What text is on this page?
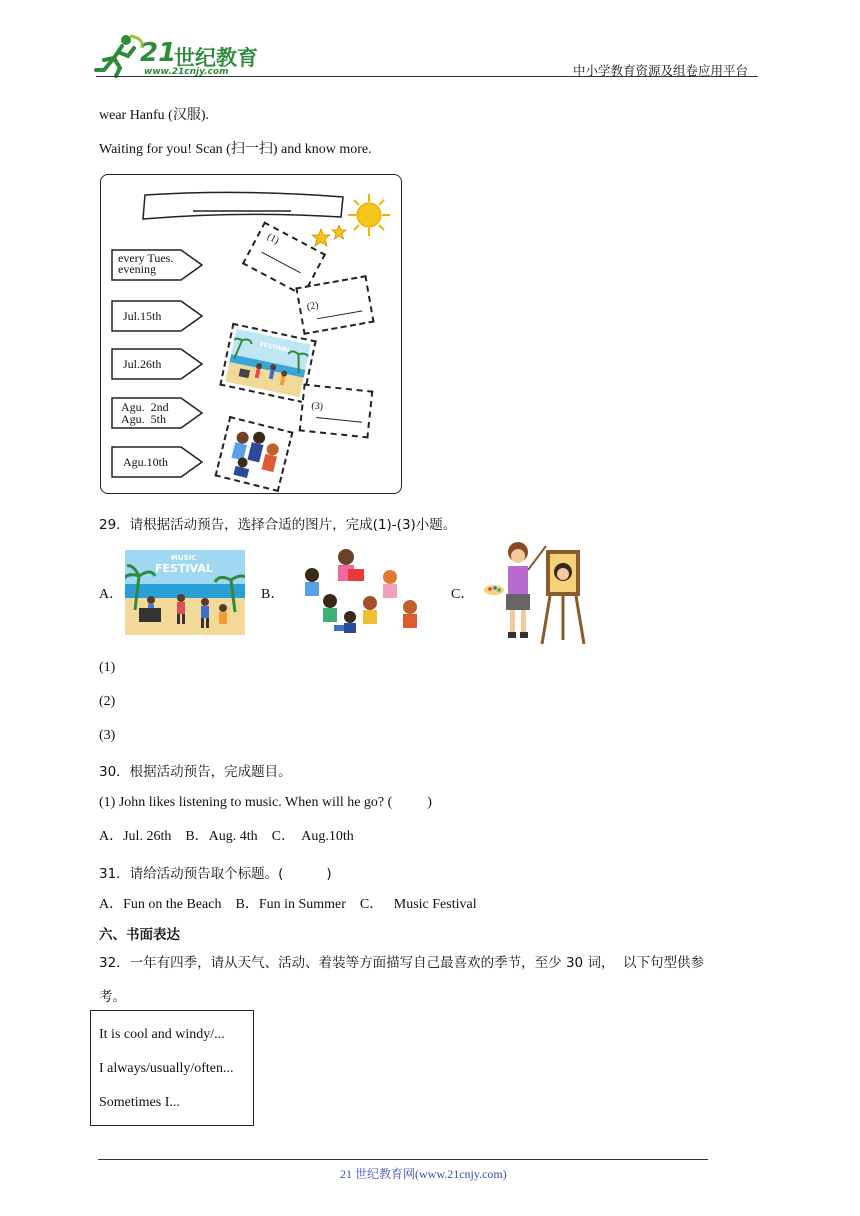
21
世纪教育
www.21cnjy.com	中小学教育资源及组卷应用平台
wear Hanfu (汉服).
Waiting for you! Scan (扫一扫) and know more.
every Tues.
evening
Jul.15th
Jul.26th
Agu.  2nd
Agu.  5th
Agu.10th
(1)
(2)
FESTIVAL
(3)
29．请根据活动预告，选择合适的图片，完成(1)-(3)小题。
A．
MUSIC
FESTIVAL
B．	C．
(1)
(2)
(3)
30．根据活动预告，完成题目。
(1) John likes listening to music. When will he go? (          )
A．Jul. 26th    B．Aug. 4th    C．  Aug.10th
31．请给活动预告取个标题。(          )
A．Fun on the Beach    B．Fun in Summer    C．   Music Festival
六、书面表达
32．一年有四季，请从天气、活动、着装等方面描写自己最喜欢的季节，至少 30 词，  以下句型供参
考。
It is cool and windy/...
I always/usually/often...
Sometimes I...
21 世纪教育网(www.21cnjy.com)
